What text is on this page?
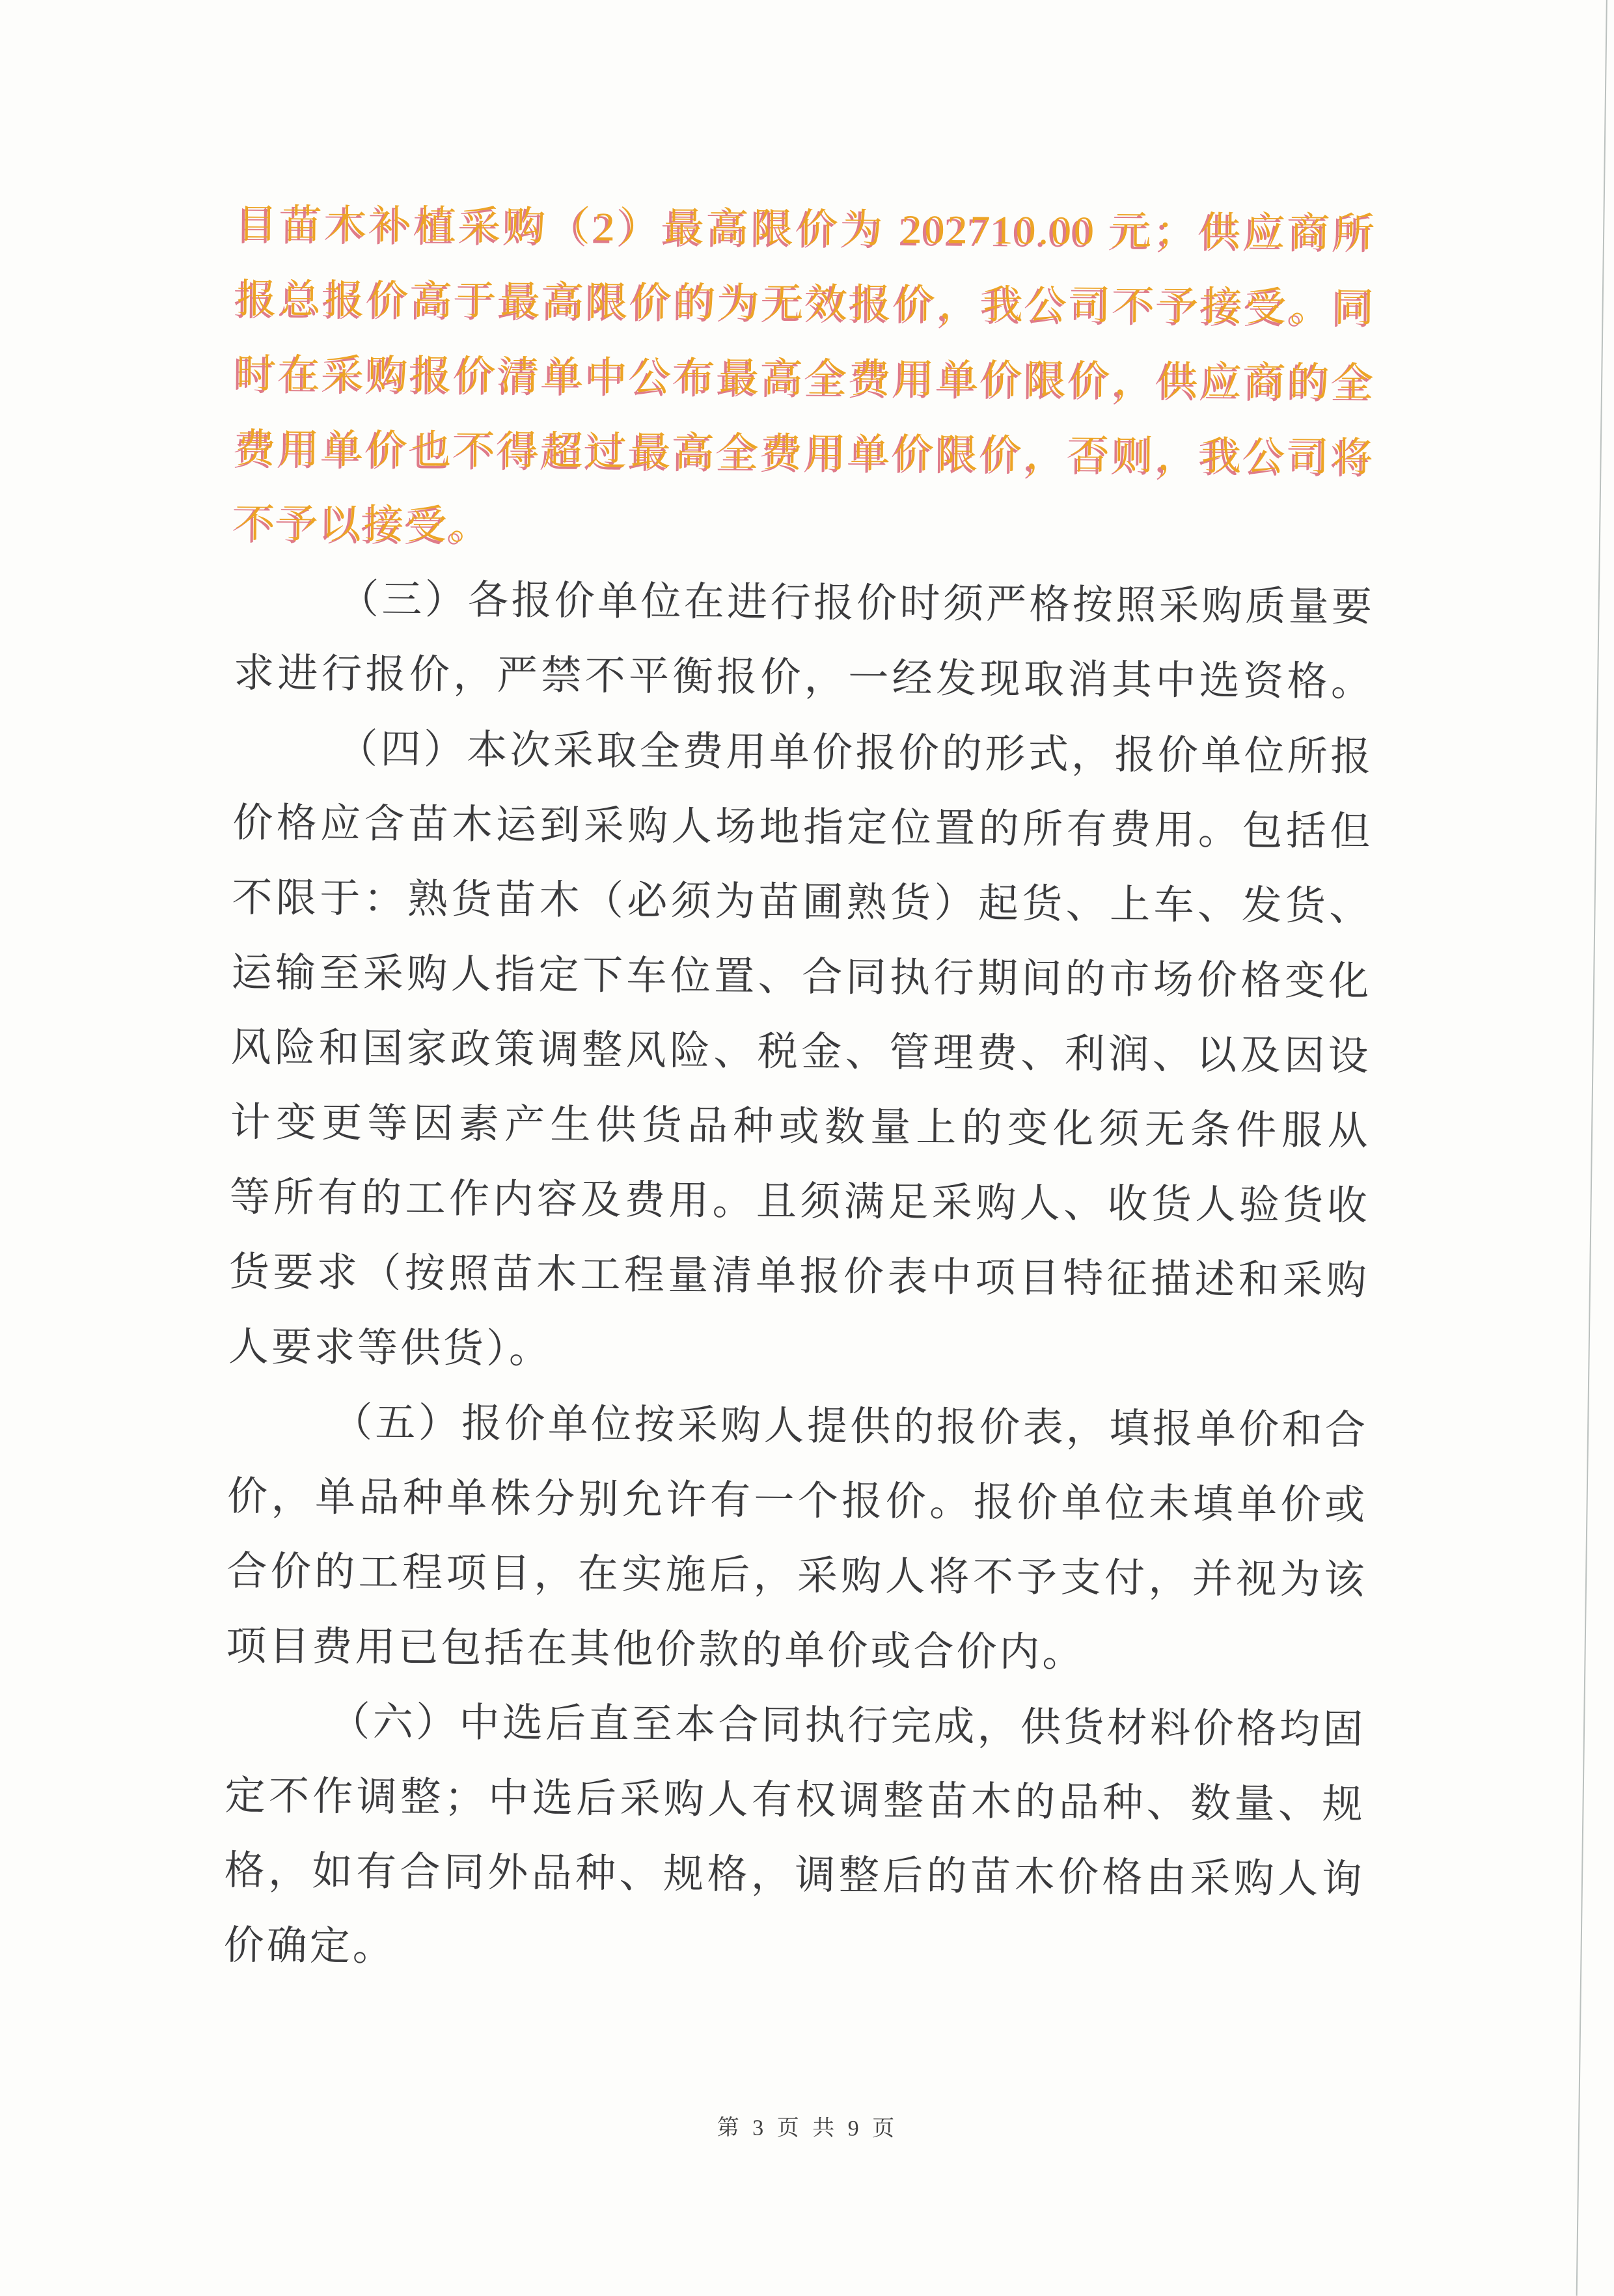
目苗木补植采购（2）最高限价为 202710.00 元；供应商所
报总报价高于最高限价的为无效报价，我公司不予接受。同
时在采购报价清单中公布最高全费用单价限价，供应商的全
费用单价也不得超过最高全费用单价限价，否则，我公司将
不予以接受。
（三）各报价单位在进行报价时须严格按照采购质量要
求进行报价，严禁不平衡报价，一经发现取消其中选资格。
（四）本次采取全费用单价报价的形式，报价单位所报
价格应含苗木运到采购人场地指定位置的所有费用。包括但
不限于：熟货苗木（必须为苗圃熟货）起货、上车、发货、
运输至采购人指定下车位置、合同执行期间的市场价格变化
风险和国家政策调整风险、税金、管理费、利润、以及因设
计变更等因素产生供货品种或数量上的变化须无条件服从
等所有的工作内容及费用。且须满足采购人、收货人验货收
货要求（按照苗木工程量清单报价表中项目特征描述和采购
人要求等供货）。
（五）报价单位按采购人提供的报价表，填报单价和合
价，单品种单株分别允许有一个报价。报价单位未填单价或
合价的工程项目，在实施后，采购人将不予支付，并视为该
项目费用已包括在其他价款的单价或合价内。
（六）中选后直至本合同执行完成，供货材料价格均固
定不作调整；中选后采购人有权调整苗木的品种、数量、规
格，如有合同外品种、规格，调整后的苗木价格由采购人询
价确定。
第 3 页 共 9 页
